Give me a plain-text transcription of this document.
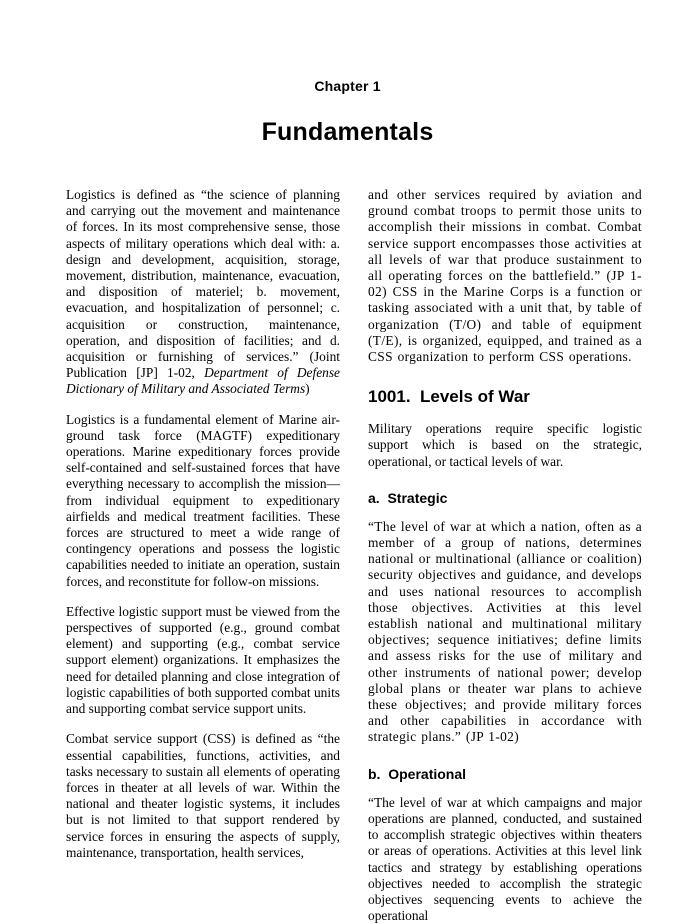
Chapter 1
Fundamentals

Logistics is defined as “the science of planning and carrying out the movement and maintenance of forces. In its most comprehensive sense, those aspects of military operations which deal with: a. design and development, acquisition, storage, movement, distribution, maintenance, evacuation, and disposition of materiel; b. movement, evacuation, and hospitalization of personnel; c. acquisition or construction, maintenance, operation, and disposition of facilities; and d. acquisition or furnishing of services.” (Joint Publication [JP] 1-02, Department of Defense Dictionary of Military and Associated Terms)

Logistics is a fundamental element of Marine air-ground task force (MAGTF) expeditionary operations. Marine expeditionary forces provide self-contained and self-sustained forces that have everything necessary to accomplish the mission—from individual equipment to expeditionary airfields and medical treatment facilities. These forces are structured to meet a wide range of contingency operations and possess the logistic capabilities needed to initiate an operation, sustain forces, and reconstitute for follow-on missions.

Effective logistic support must be viewed from the perspectives of supported (e.g., ground combat element) and supporting (e.g., combat service support element) organizations. It emphasizes the need for detailed planning and close integration of logistic capabilities of both supported combat units and supporting combat service support units.

Combat service support (CSS) is defined as “the essential capabilities, functions, activities, and tasks necessary to sustain all elements of operating forces in theater at all levels of war. Within the national and theater logistic systems, it includes but is not limited to that support rendered by service forces in ensuring the aspects of supply, maintenance, transportation, health services,

and other services required by aviation and ground combat troops to permit those units to accomplish their missions in combat. Combat service support encompasses those activities at all levels of war that produce sustainment to all operating forces on the battlefield.” (JP 1-02) CSS in the Marine Corps is a function or tasking associated with a unit that, by table of organization (T/O) and table of equipment (T/E), is organized, equipped, and trained as a CSS organization to perform CSS operations.

1001. Levels of War

Military operations require specific logistic support which is based on the strategic, operational, or tactical levels of war.

a. Strategic

“The level of war at which a nation, often as a member of a group of nations, determines national or multinational (alliance or coalition) security objectives and guidance, and develops and uses national resources to accomplish those objectives. Activities at this level establish national and multinational military objectives; sequence initiatives; define limits and assess risks for the use of military and other instruments of national power; develop global plans or theater war plans to achieve these objectives; and provide military forces and other capabilities in accordance with strategic plans.” (JP 1-02)

b. Operational

“The level of war at which campaigns and major operations are planned, conducted, and sustained to accomplish strategic objectives within theaters or areas of operations. Activities at this level link tactics and strategy by establishing operations objectives needed to accomplish the strategic objectives sequencing events to achieve the operational
